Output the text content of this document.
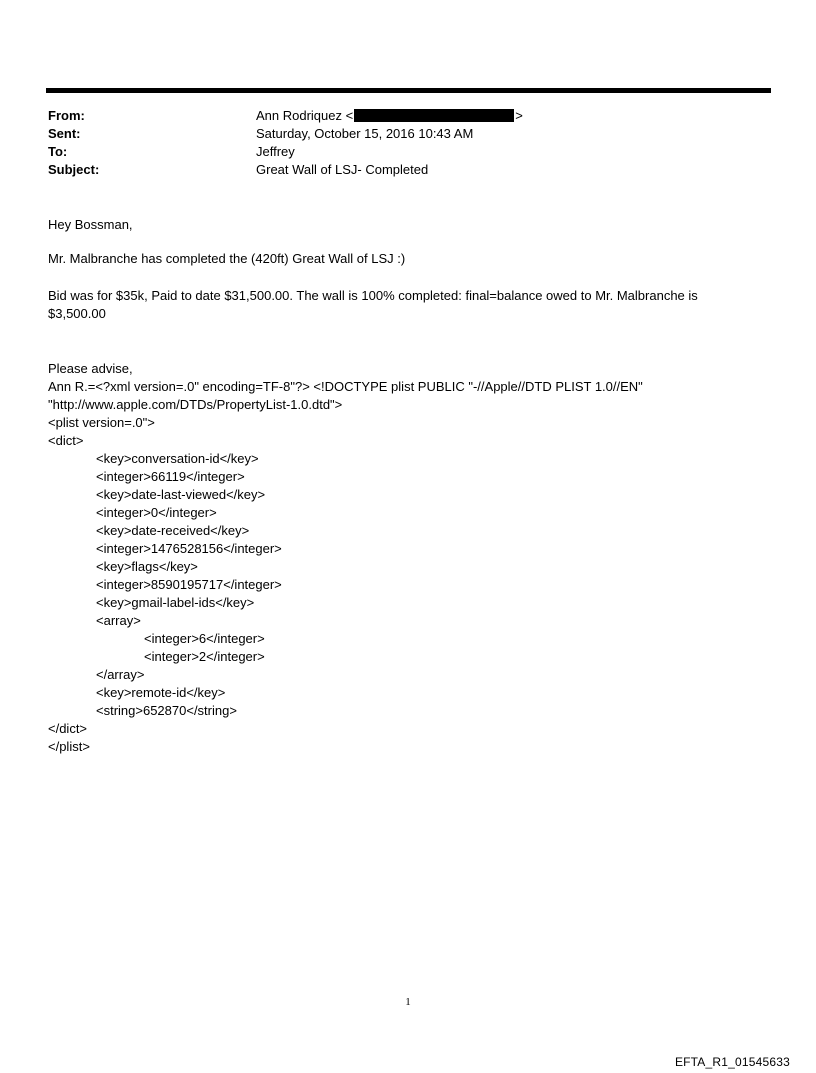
From:	Ann Rodriquez <	>
Sent:	Saturday, October 15, 2016 10:43 AM
To:	Jeffrey
Subject:	Great Wall of LSJ- Completed
Hey Bossman,
Mr. Malbranche has completed the (420ft) Great Wall of LSJ :)
Bid was for $35k, Paid to date $31,500.00. The wall is 100% completed: final=balance owed to Mr. Malbranche is $3,500.00
Please advise,
Ann R.=<?xml version=.0" encoding=TF-8"?> <!DOCTYPE plist PUBLIC "-//Apple//DTD PLIST 1.0//EN"
"http://www.apple.com/DTDs/PropertyList-1.0.dtd">
<plist version=.0">
<dict>
<key>conversation-id</key>
<integer>66119</integer>
<key>date-last-viewed</key>
<integer>0</integer>
<key>date-received</key>
<integer>1476528156</integer>
<key>flags</key>
<integer>8590195717</integer>
<key>gmail-label-ids</key>
<array>
<integer>6</integer>
<integer>2</integer>
</array>
<key>remote-id</key>
<string>652870</string>
</dict>
</plist>
1
EFTA_R1_01545633
